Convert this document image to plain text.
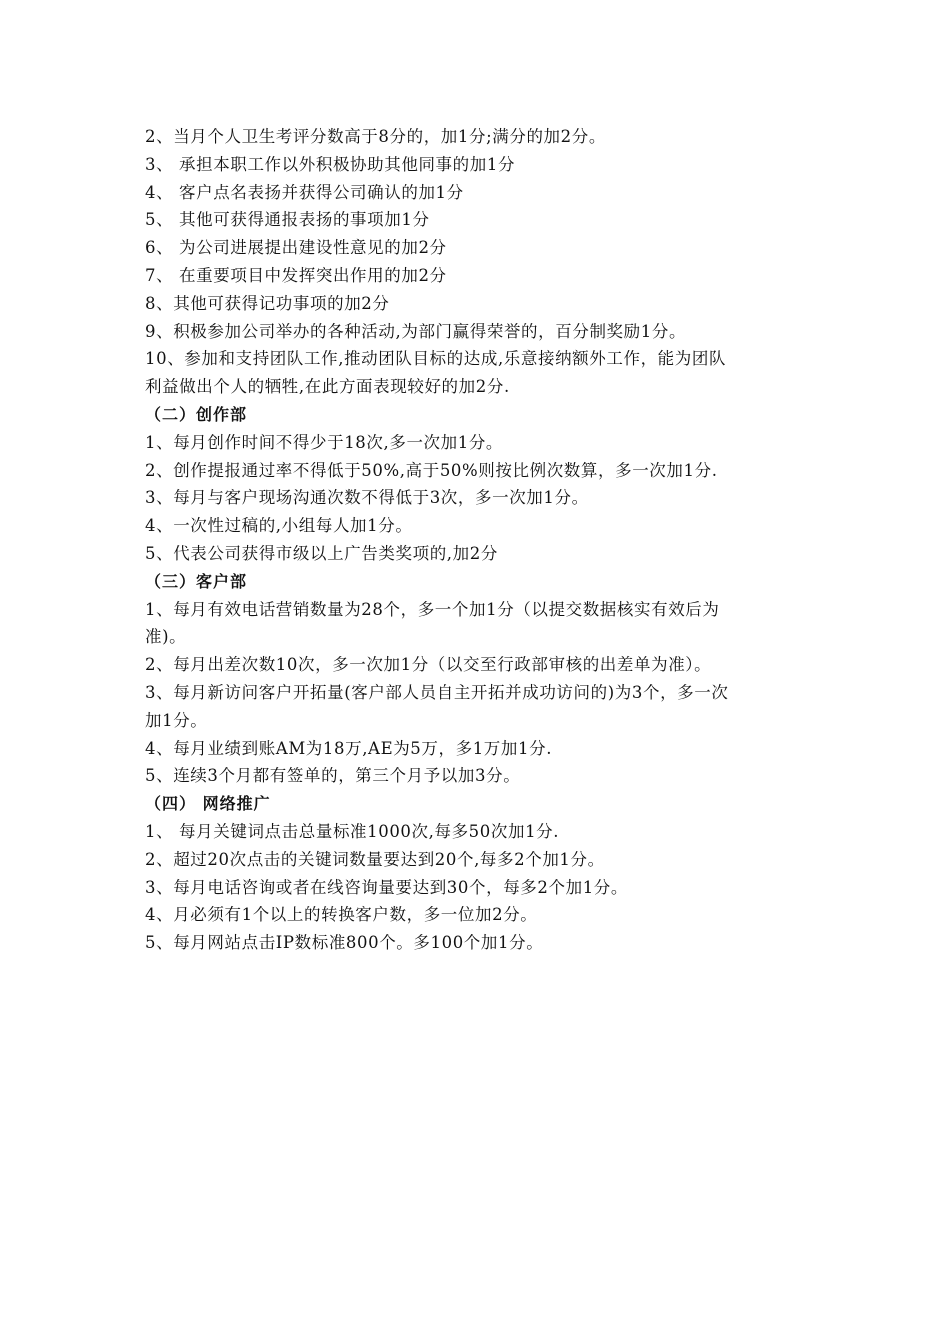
2、当月个人卫生考评分数高于8分的，加1分;满分的加2分。
3、 承担本职工作以外积极协助其他同事的加1分
4、 客户点名表扬并获得公司确认的加1分
5、 其他可获得通报表扬的事项加1分
6、 为公司进展提出建设性意见的加2分
7、 在重要项目中发挥突出作用的加2分
8、其他可获得记功事项的加2分
9、积极参加公司举办的各种活动,为部门赢得荣誉的，百分制奖励1分。
10、参加和支持团队工作,推动团队目标的达成,乐意接纳额外工作，能为团队
利益做出个人的牺牲,在此方面表现较好的加2分.
（二）创作部
1、每月创作时间不得少于18次,多一次加1分。
2、创作提报通过率不得低于50%,高于50%则按比例次数算，多一次加1分.
3、每月与客户现场沟通次数不得低于3次，多一次加1分。
4、一次性过稿的,小组每人加1分。
5、代表公司获得市级以上广告类奖项的,加2分
（三）客户部
1、每月有效电话营销数量为28个，多一个加1分（以提交数据核实有效后为
准)。
2、每月出差次数10次，多一次加1分（以交至行政部审核的出差单为准）。
3、每月新访问客户开拓量(客户部人员自主开拓并成功访问的)为3个，多一次
加1分。
4、每月业绩到账AM为18万,AE为5万，多1万加1分.
5、连续3个月都有签单的，第三个月予以加3分。
（四） 网络推广
1、 每月关键词点击总量标准1000次,每多50次加1分.
2、超过20次点击的关键词数量要达到20个,每多2个加1分。
3、每月电话咨询或者在线咨询量要达到30个，每多2个加1分。
4、月必须有1个以上的转换客户数，多一位加2分。
5、每月网站点击IP数标准800个。多100个加1分。
